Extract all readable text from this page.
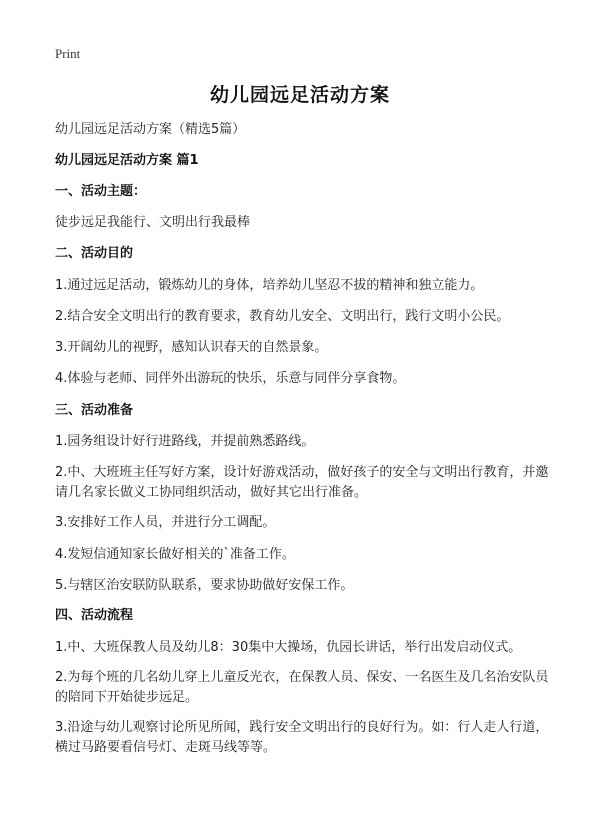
Print
幼儿园远足活动方案

幼儿园远足活动方案（精选5篇）

幼儿园远足活动方案 篇1

一、活动主题：

徒步远足我能行、文明出行我最棒

二、活动目的

1.通过远足活动，锻炼幼儿的身体，培养幼儿坚忍不拔的精神和独立能力。

2.结合安全文明出行的教育要求，教育幼儿安全、文明出行，践行文明小公民。

3.开阔幼儿的视野，感知认识春天的自然景象。

4.体验与老师、同伴外出游玩的快乐，乐意与同伴分享食物。

三、活动准备

1.园务组设计好行进路线，并提前熟悉路线。

2.中、大班班主任写好方案，设计好游戏活动，做好孩子的安全与文明出行教育，并邀请几名家长做义工协同组织活动，做好其它出行准备。

3.安排好工作人员，并进行分工调配。

4.发短信通知家长做好相关的`准备工作。

5.与辖区治安联防队联系，要求协助做好安保工作。

四、活动流程

1.中、大班保教人员及幼儿8：30集中大操场，仇园长讲话，举行出发启动仪式。

2.为每个班的几名幼儿穿上儿童反光衣，在保教人员、保安、一名医生及几名治安队员的陪同下开始徒步远足。

3.沿途与幼儿观察讨论所见所闻，践行安全文明出行的良好行为。如：行人走人行道，横过马路要看信号灯、走斑马线等等。
